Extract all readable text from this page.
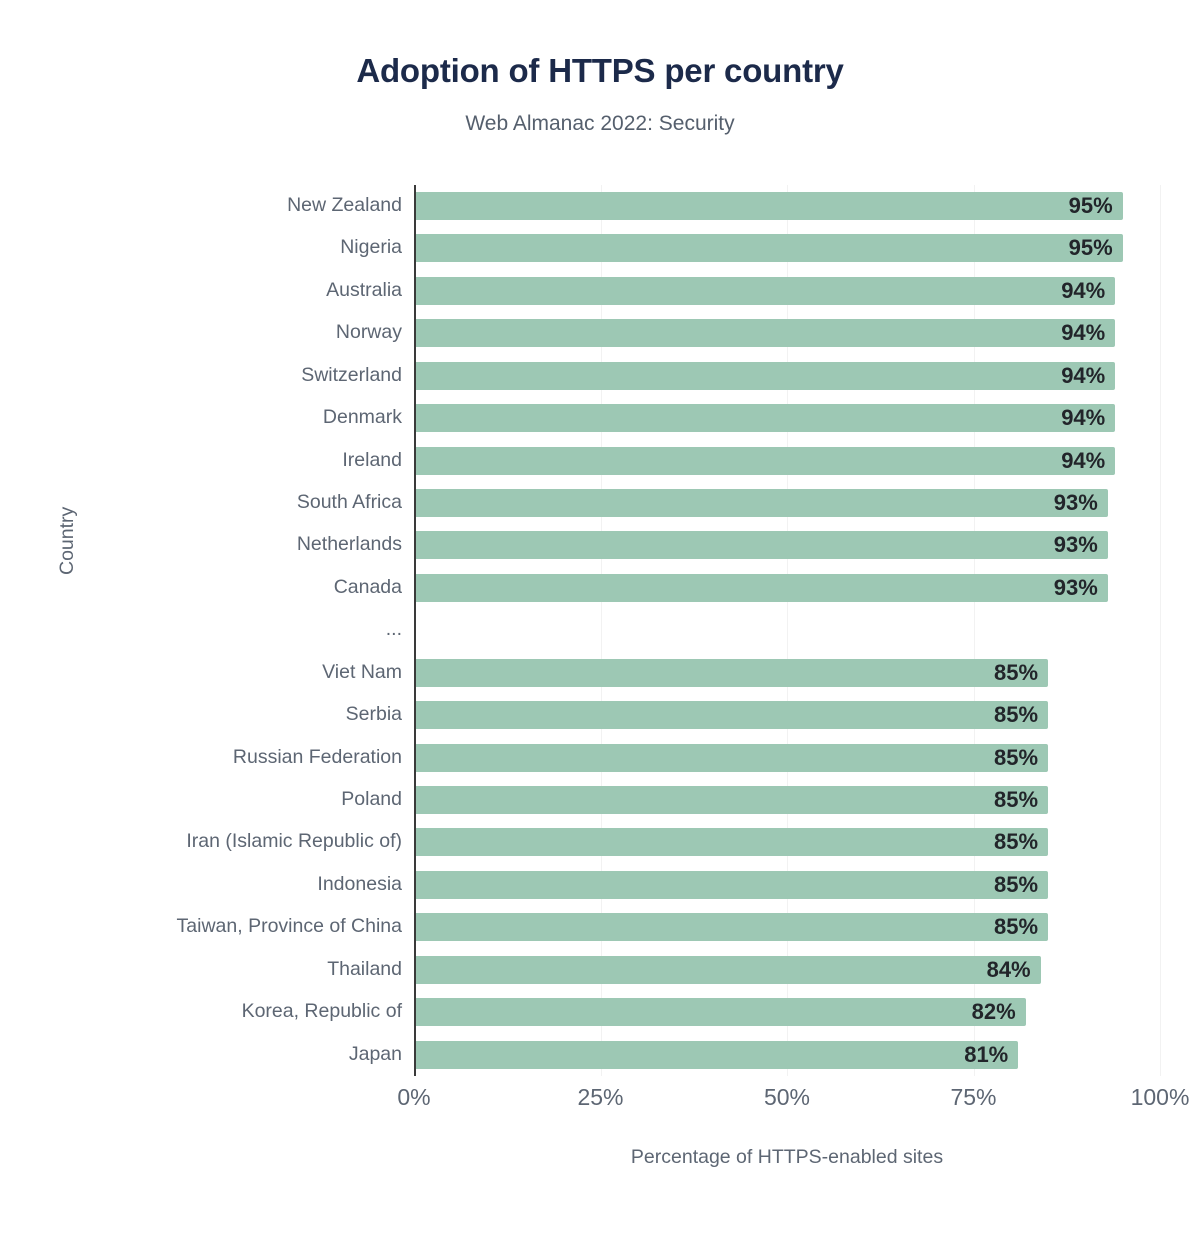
Adoption of HTTPS per country
Web Almanac 2022: Security
Country
New Zealand	95%
Nigeria	95%
Australia	94%
Norway	94%
Switzerland	94%
Denmark	94%
Ireland	94%
South Africa	93%
Netherlands	93%
Canada	93%
...
Viet Nam	85%
Serbia	85%
Russian Federation	85%
Poland	85%
Iran (Islamic Republic of)	85%
Indonesia	85%
Taiwan, Province of China	85%
Thailand	84%
Korea, Republic of	82%
Japan	81%
0%	25%	50%	75%	100%
Percentage of HTTPS-enabled sites
